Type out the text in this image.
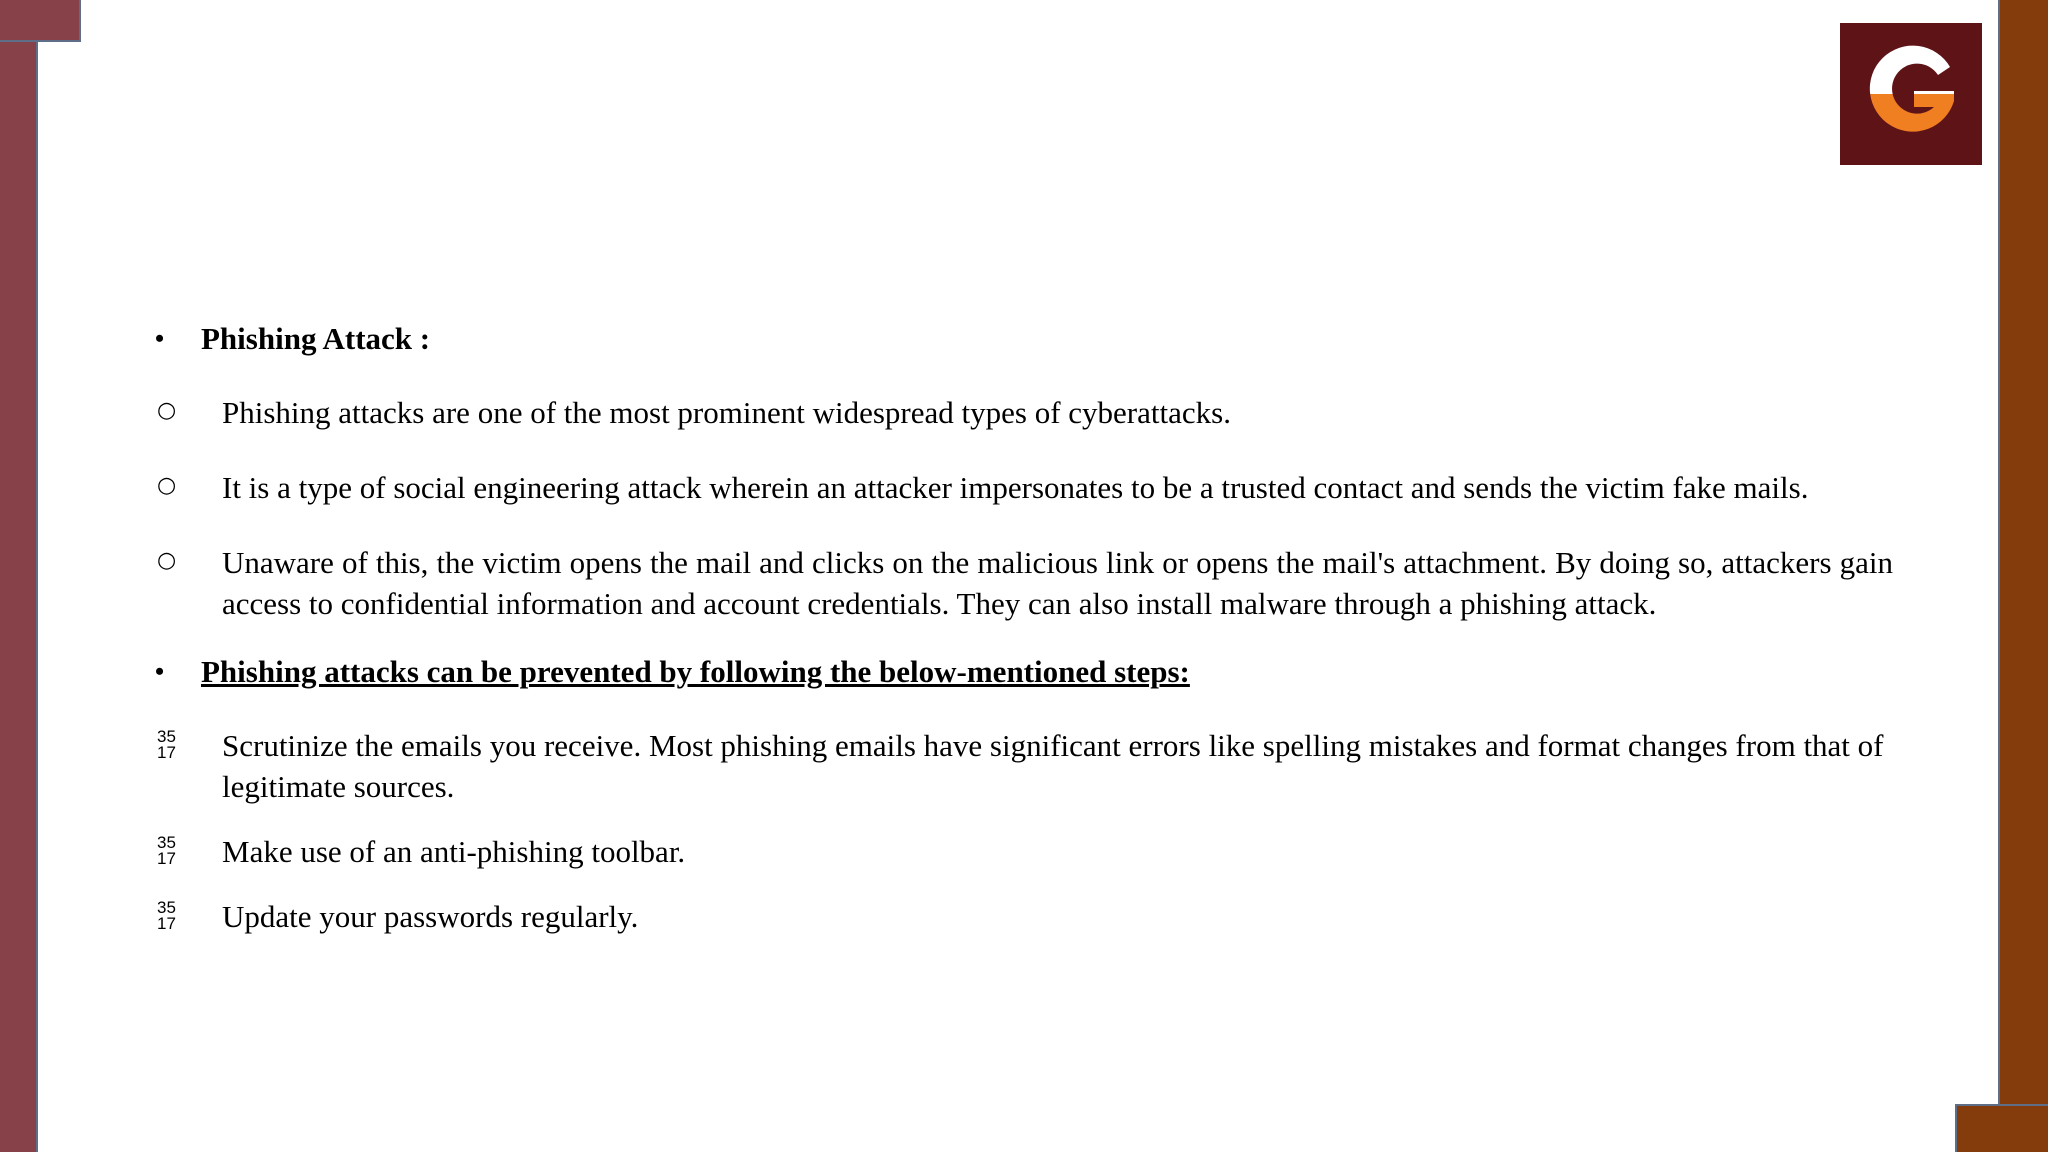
• Phishing Attack :
○ Phishing attacks are one of the most prominent widespread types of cyberattacks.
○ It is a type of social engineering attack wherein an attacker impersonates to be a trusted contact and sends the victim fake mails.
○ Unaware of this, the victim opens the mail and clicks on the malicious link or opens the mail's attachment. By doing so, attackers gain access to confidential information and account credentials. They can also install malware through a phishing attack.
• Phishing attacks can be prevented by following the below-mentioned steps:
35
17 Scrutinize the emails you receive. Most phishing emails have significant errors like spelling mistakes and format changes from that of legitimate sources.
35
17 Make use of an anti-phishing toolbar.
35
17 Update your passwords regularly.
